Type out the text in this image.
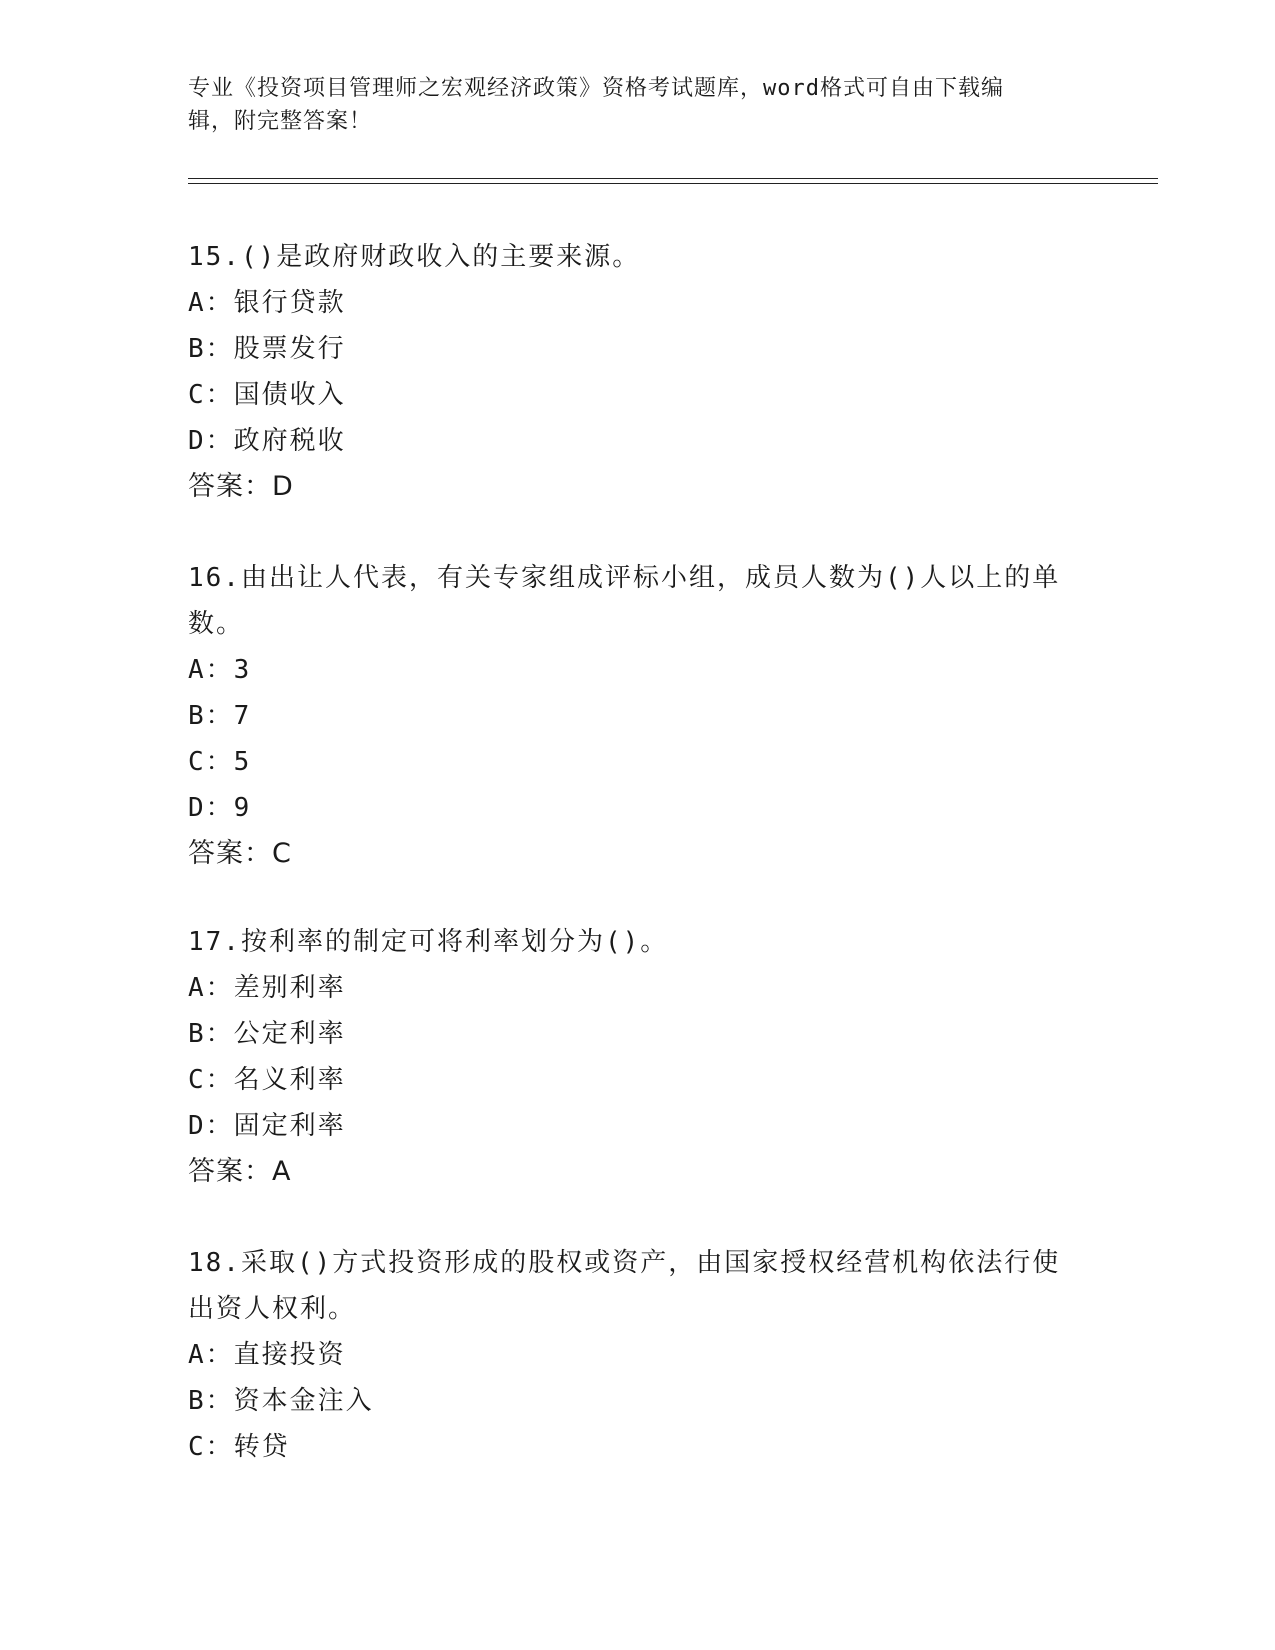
专业《投资项目管理师之宏观经济政策》资格考试题库，word格式可自由下载编
辑，附完整答案！
15.()是政府财政收入的主要来源。
A：银行贷款
B：股票发行
C：国债收入
D：政府税收
答案：D
16.由出让人代表，有关专家组成评标小组，成员人数为()人以上的单
数。
A：3
B：7
C：5
D：9
答案：C
17.按利率的制定可将利率划分为()。
A：差别利率
B：公定利率
C：名义利率
D：固定利率
答案：A
18.采取()方式投资形成的股权或资产，由国家授权经营机构依法行使
出资人权利。
A：直接投资
B：资本金注入
C：转贷
